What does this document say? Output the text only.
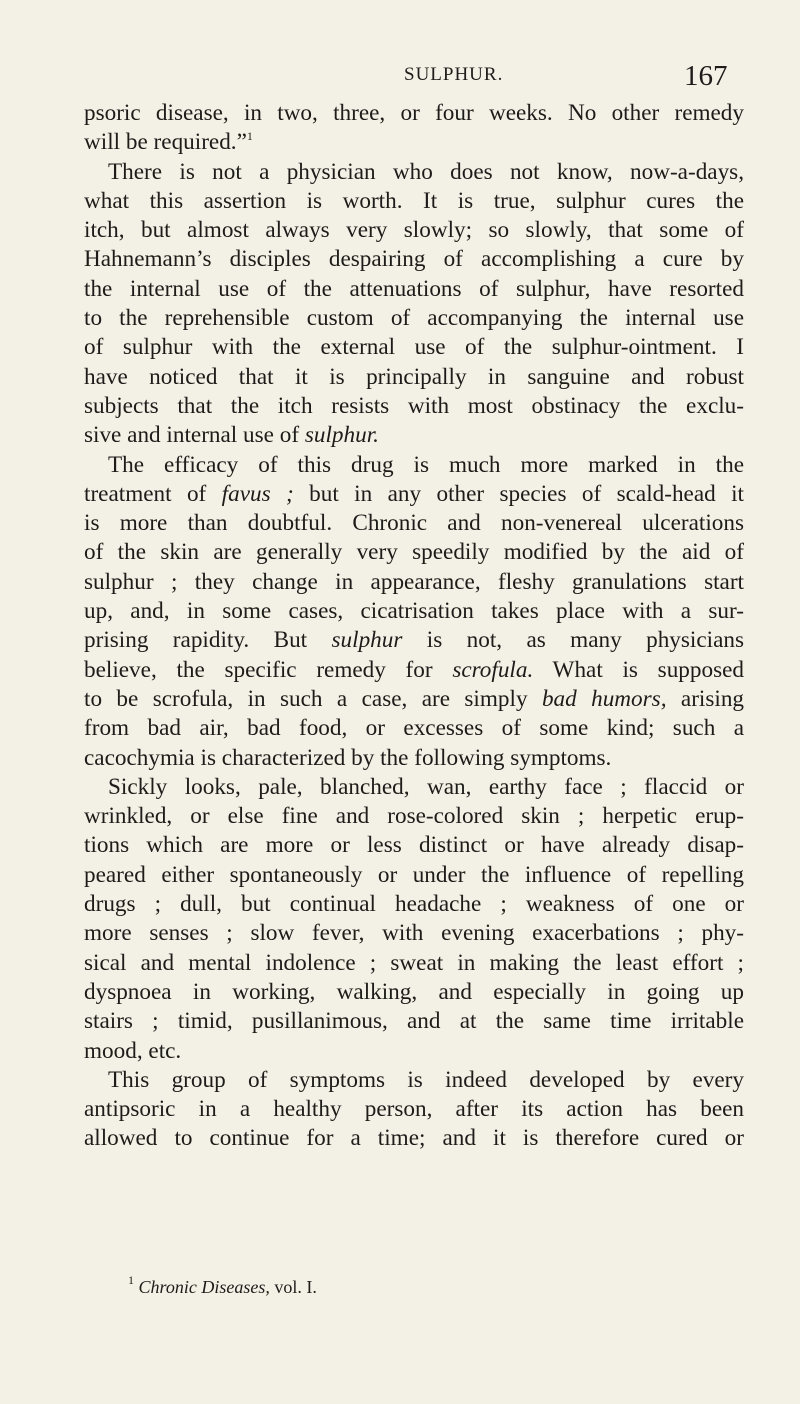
SULPHUR.	167
psoric disease, in two, three, or four weeks. No other remedy
will be required.”$^1$
There is not a physician who does not know, now-a-days,
what this assertion is worth. It is true, sulphur cures the
itch, but almost always very slowly; so slowly, that some of
Hahnemann’s disciples despairing of accomplishing a cure by
the internal use of the attenuations of sulphur, have resorted
to the reprehensible custom of accompanying the internal use
of sulphur with the external use of the sulphur-ointment. I
have noticed that it is principally in sanguine and robust
subjects that the itch resists with most obstinacy the exclu-
sive and internal use of sulphur.
The efficacy of this drug is much more marked in the
treatment of favus ; but in any other species of scald-head it
is more than doubtful. Chronic and non-venereal ulcerations
of the skin are generally very speedily modified by the aid of
sulphur ; they change in appearance, fleshy granulations start
up, and, in some cases, cicatrisation takes place with a sur-
prising rapidity. But sulphur is not, as many physicians
believe, the specific remedy for scrofula. What is supposed
to be scrofula, in such a case, are simply bad humors, arising
from bad air, bad food, or excesses of some kind; such a
cacochymia is characterized by the following symptoms.
Sickly looks, pale, blanched, wan, earthy face ; flaccid or
wrinkled, or else fine and rose-colored skin ; herpetic erup-
tions which are more or less distinct or have already disap-
peared either spontaneously or under the influence of repelling
drugs ; dull, but continual headache ; weakness of one or
more senses ; slow fever, with evening exacerbations ; phy-
sical and mental indolence ; sweat in making the least effort ;
dyspnoea in working, walking, and especially in going up
stairs ; timid, pusillanimous, and at the same time irritable
mood, etc.
This group of symptoms is indeed developed by every
antipsoric in a healthy person, after its action has been
allowed to continue for a time; and it is therefore cured or
$^1$ Chronic Diseases, vol. I.
